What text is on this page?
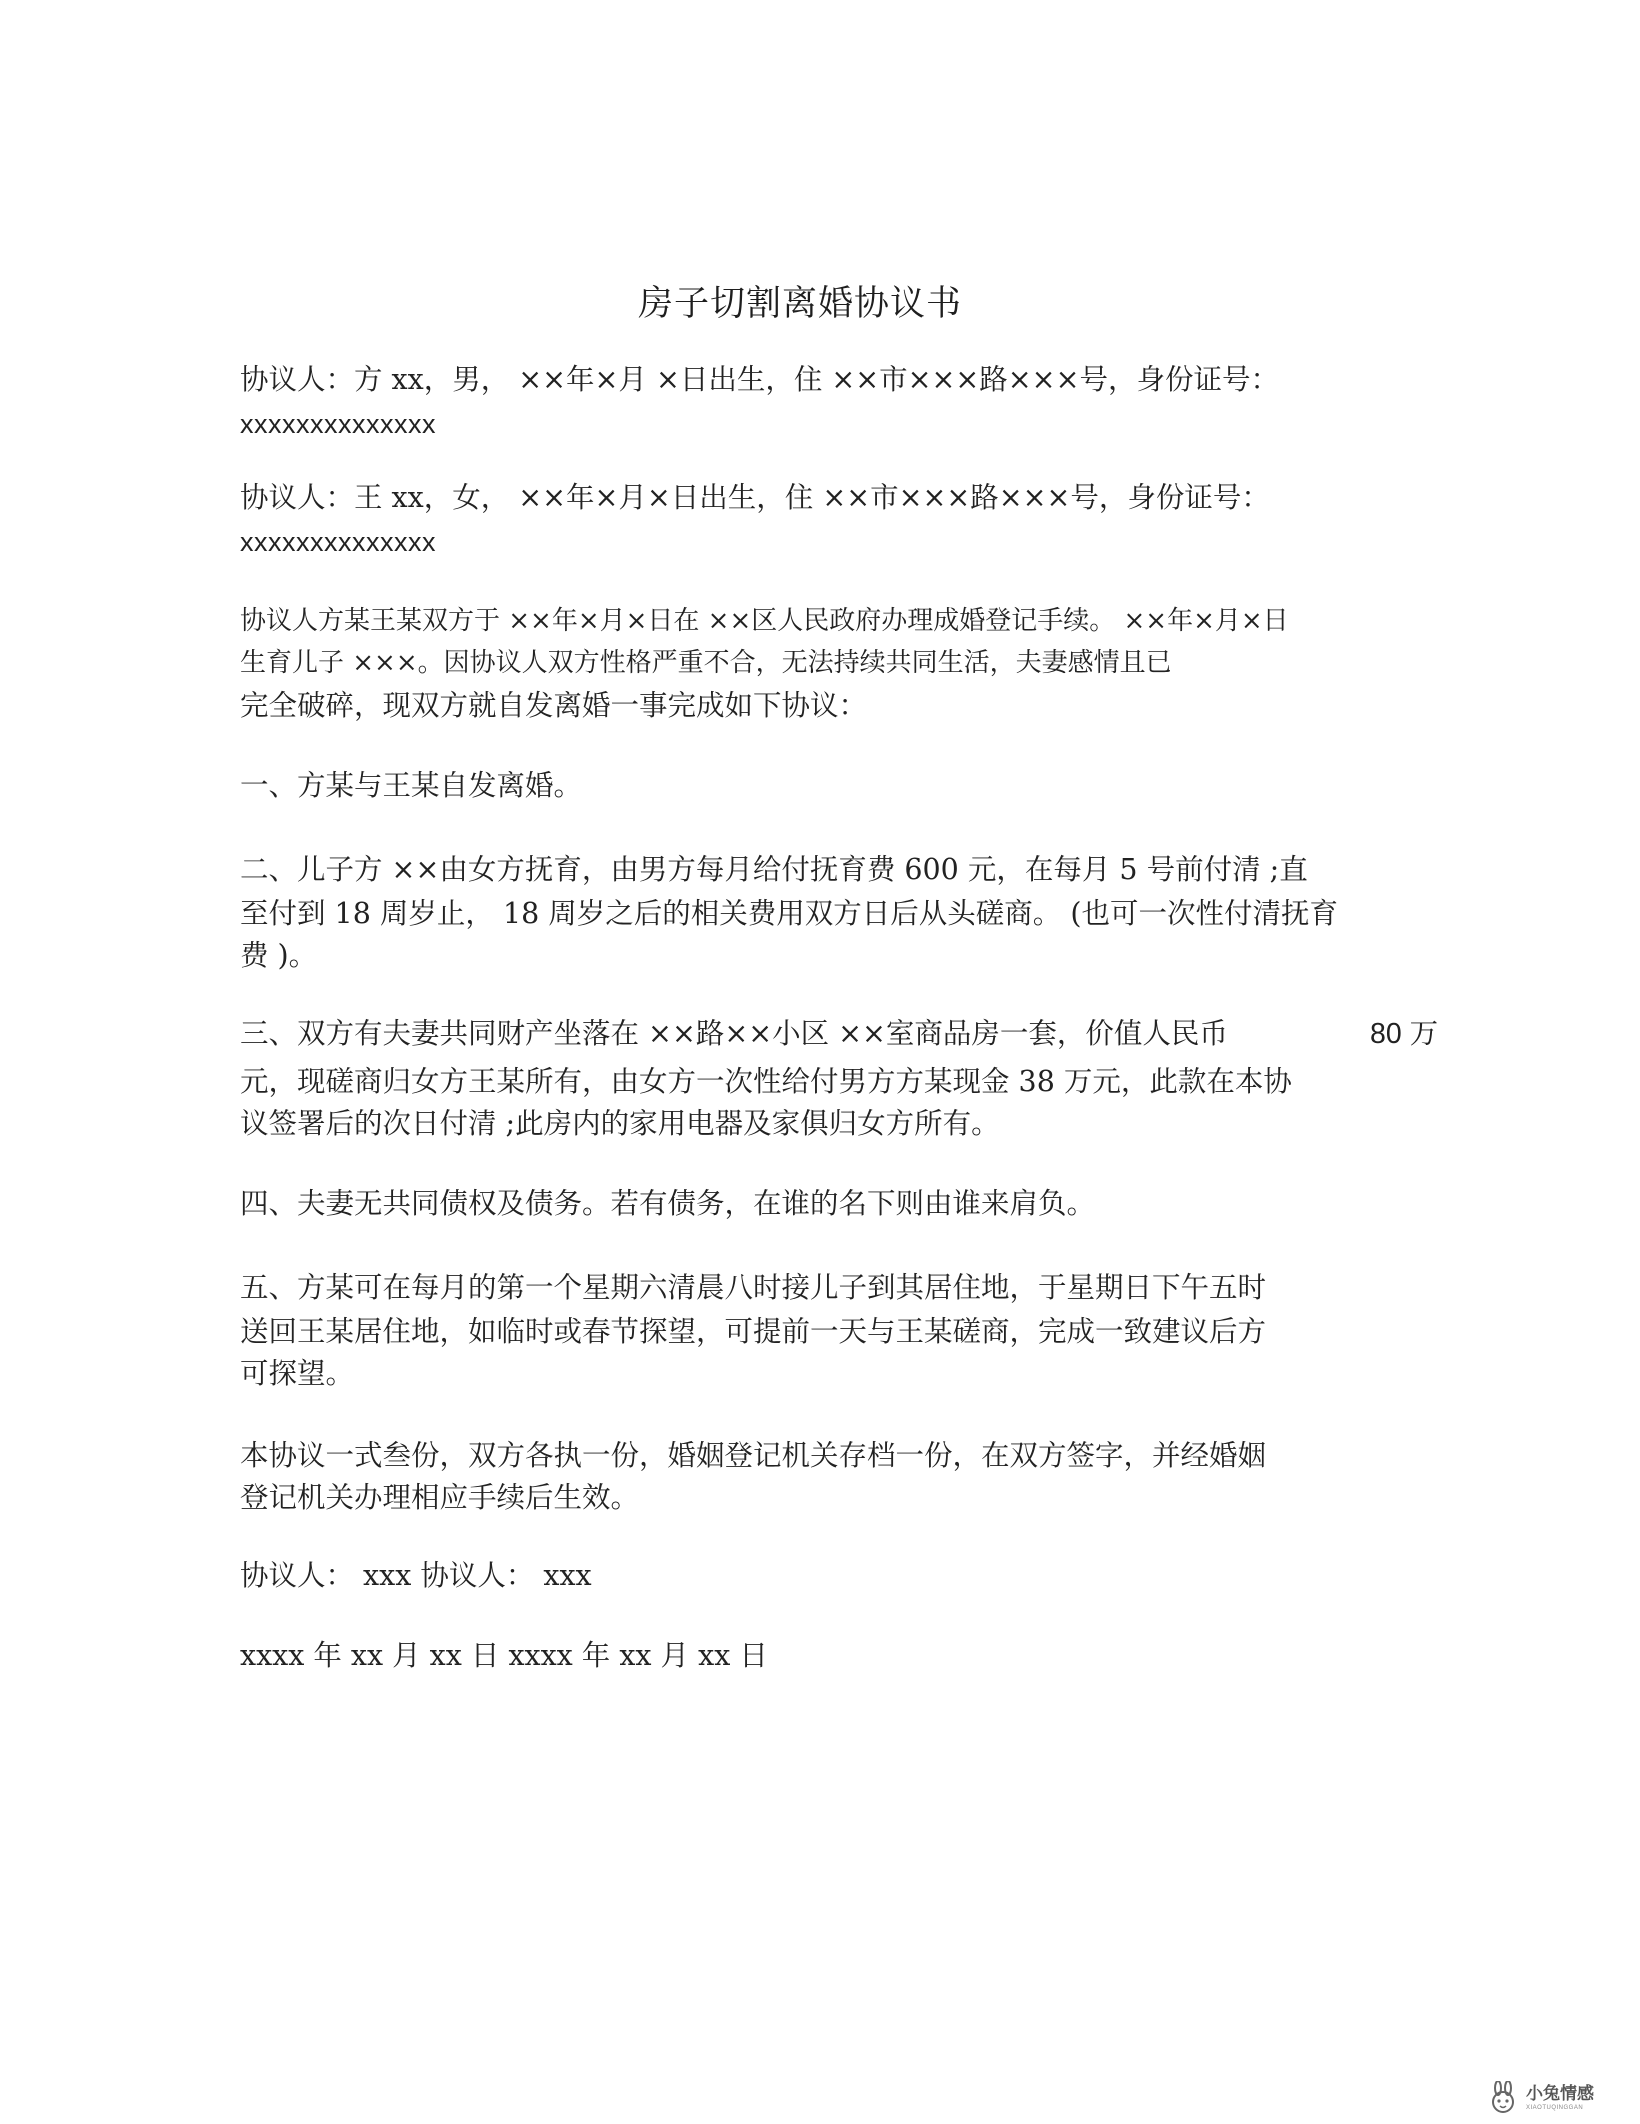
房子切割离婚协议书
协议人：方 xx，男， ××年×月 ×日出生，住 ××市×××路×××号，身份证号：
xxxxxxxxxxxxxx
协议人：王 xx，女， ××年×月×日出生，住 ××市×××路×××号，身份证号：
xxxxxxxxxxxxxx
协议人方某王某双方于 ××年×月×日在 ××区人民政府办理成婚登记手续。 ××年×月×日
生育儿子 ×××。因协议人双方性格严重不合，无法持续共同生活，夫妻感情且已
完全破碎，现双方就自发离婚一事完成如下协议：
一、方某与王某自发离婚。
二、儿子方 ××由女方抚育，由男方每月给付抚育费 600 元，在每月 5 号前付清 ;直
至付到 18 周岁止， 18 周岁之后的相关费用双方日后从头磋商。 (也可一次性付清抚育
费 )。
三、双方有夫妻共同财产坐落在 ××路××小区 ××室商品房一套，价值人民币	80 万
元，现磋商归女方王某所有，由女方一次性给付男方方某现金 38 万元，此款在本协
议签署后的次日付清 ;此房内的家用电器及家俱归女方所有。
四、夫妻无共同债权及债务。若有债务，在谁的名下则由谁来肩负。
五、方某可在每月的第一个星期六清晨八时接儿子到其居住地，于星期日下午五时
送回王某居住地，如临时或春节探望，可提前一天与王某磋商，完成一致建议后方
可探望。
本协议一式叁份，双方各执一份，婚姻登记机关存档一份，在双方签字，并经婚姻
登记机关办理相应手续后生效。
协议人： xxx 协议人： xxx
xxxx 年 xx 月 xx 日 xxxx 年 xx 月 xx 日
小兔情感
XIAOTUQINGGAN
